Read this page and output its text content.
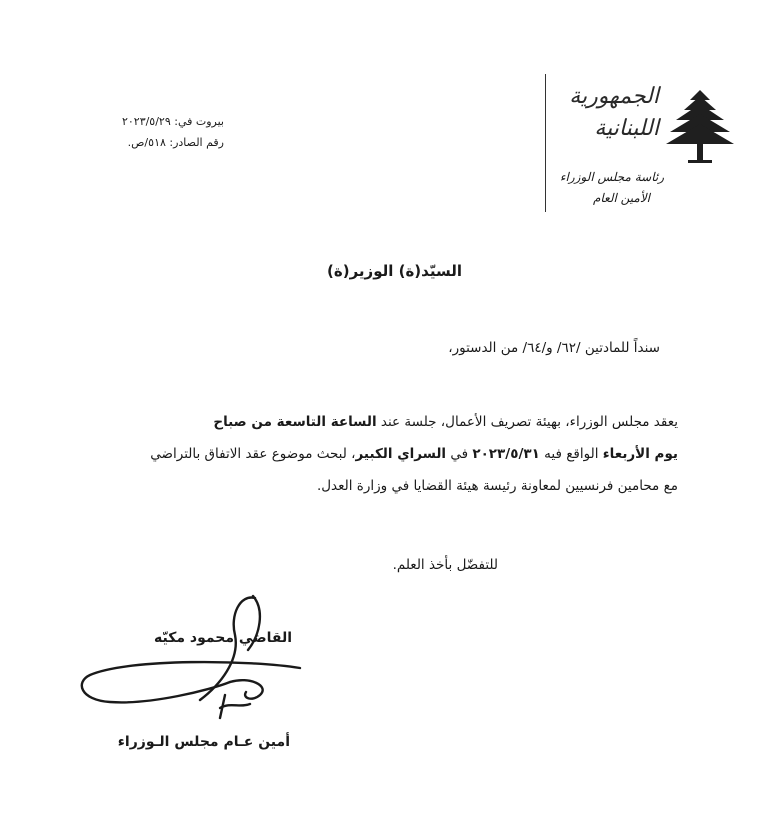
الجمهورية
اللبنانية
رئاسة مجلس الوزراء
الأمين العام
بيروت في: ٢٠٢٣/٥/٢٩
رقم الصادر: ٥١٨/ص.
السيّد(ة) الوزير(ة)
سنداً للمادتين /٦٢/ و/٦٤/ من الدستور،
يعقد مجلس الوزراء، بهيئة تصريف الأعمال، جلسة عند الساعة التاسعة من صباح
يوم الأربعاء الواقع فيه ٢٠٢٣/٥/٣١ في السراي الكبير، لبحث موضوع عقد الاتفاق بالتراضي
مع محامين فرنسيين لمعاونة رئيسة هيئة القضايا في وزارة العدل.
للتفضّل بأخذ العلم.
القاضي محمود مكيّه
أمين عـام مجلس الـوزراء
